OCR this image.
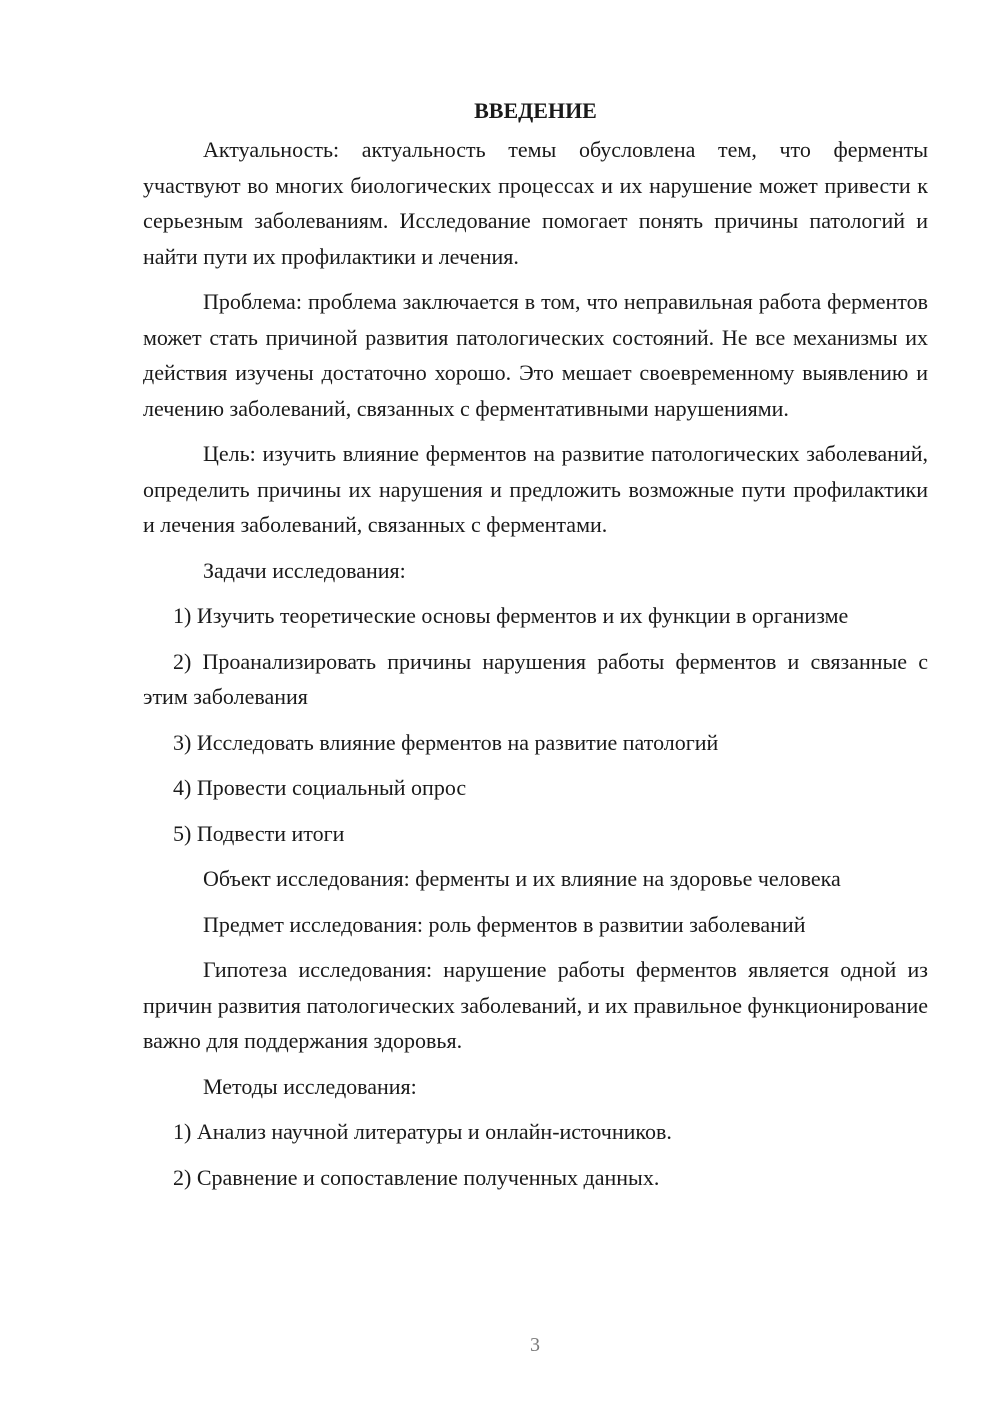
ВВЕДЕНИЕ

Актуальность: актуальность темы обусловлена тем, что ферменты участвуют во многих биологических процессах и их нарушение может привести к серьезным заболеваниям. Исследование помогает понять причины патологий и найти пути их профилактики и лечения.

Проблема: проблема заключается в том, что неправильная работа ферментов может стать причиной развития патологических состояний. Не все механизмы их действия изучены достаточно хорошо. Это мешает своевременному выявлению и лечению заболеваний, связанных с ферментативными нарушениями.

Цель: изучить влияние ферментов на развитие патологических заболеваний, определить причины их нарушения и предложить возможные пути профилактики и лечения заболеваний, связанных с ферментами.

Задачи исследования:

1) Изучить теоретические основы ферментов и их функции в организме

2) Проанализировать причины нарушения работы ферментов и связанные с этим заболевания

3) Исследовать влияние ферментов на развитие патологий

4) Провести социальный опрос

5) Подвести итоги

Объект исследования: ферменты и их влияние на здоровье человека

Предмет исследования: роль ферментов в развитии заболеваний

Гипотеза исследования: нарушение работы ферментов является одной из причин развития патологических заболеваний, и их правильное функционирование важно для поддержания здоровья.

Методы исследования:

1) Анализ научной литературы и онлайн-источников.

2) Сравнение и сопоставление полученных данных.

3
